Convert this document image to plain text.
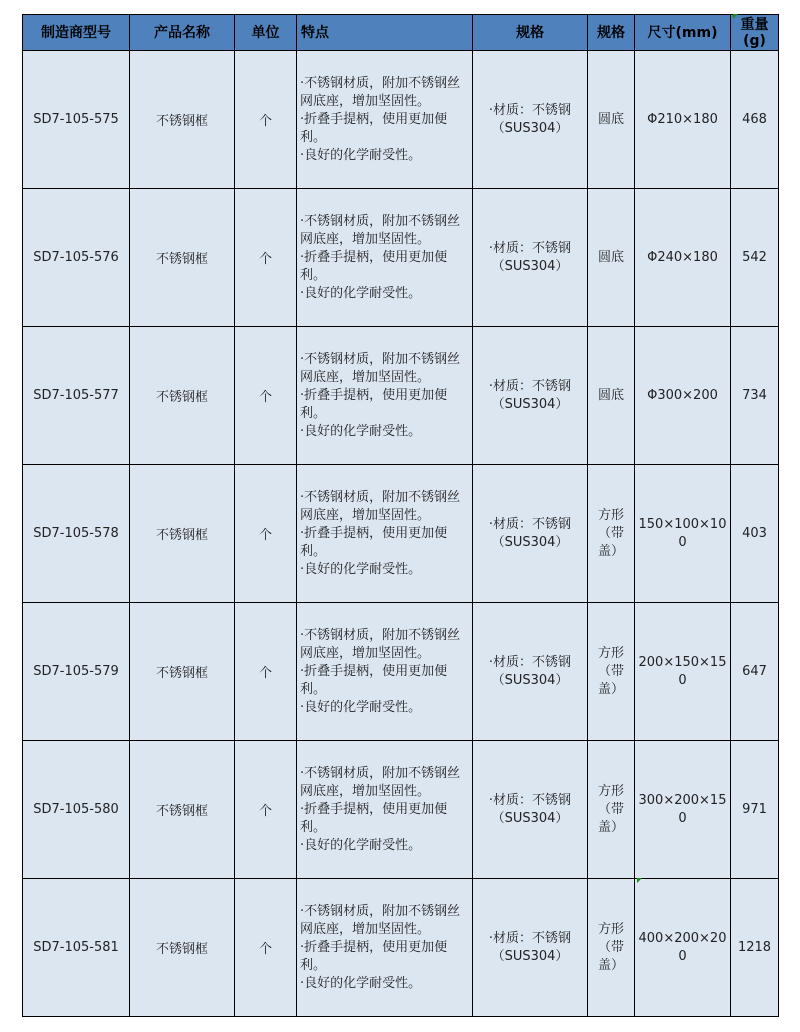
制造商型号	产品名称	单位	特点	规格	规格	尺寸(mm)	重量(g)
SD7-105-575	不锈钢框	个	·不锈钢材质，附加不锈钢丝网底座，增加坚固性。
·折叠手提柄，使用更加便利。
·良好的化学耐受性。	·材质：不锈钢（SUS304）	圆底	Φ210×180	468
SD7-105-576	不锈钢框	个	·不锈钢材质，附加不锈钢丝网底座，增加坚固性。
·折叠手提柄，使用更加便利。
·良好的化学耐受性。	·材质：不锈钢（SUS304）	圆底	Φ240×180	542
SD7-105-577	不锈钢框	个	·不锈钢材质，附加不锈钢丝网底座，增加坚固性。
·折叠手提柄，使用更加便利。
·良好的化学耐受性。	·材质：不锈钢（SUS304）	圆底	Φ300×200	734
SD7-105-578	不锈钢框	个	·不锈钢材质，附加不锈钢丝网底座，增加坚固性。
·折叠手提柄，使用更加便利。
·良好的化学耐受性。	·材质：不锈钢（SUS304）	方形（带盖）	150×100×100	403
SD7-105-579	不锈钢框	个	·不锈钢材质，附加不锈钢丝网底座，增加坚固性。
·折叠手提柄，使用更加便利。
·良好的化学耐受性。	·材质：不锈钢（SUS304）	方形（带盖）	200×150×150	647
SD7-105-580	不锈钢框	个	·不锈钢材质，附加不锈钢丝网底座，增加坚固性。
·折叠手提柄，使用更加便利。
·良好的化学耐受性。	·材质：不锈钢（SUS304）	方形（带盖）	300×200×150	971
SD7-105-581	不锈钢框	个	·不锈钢材质，附加不锈钢丝网底座，增加坚固性。
·折叠手提柄，使用更加便利。
·良好的化学耐受性。	·材质：不锈钢（SUS304）	方形（带盖）	400×200×200	1218
